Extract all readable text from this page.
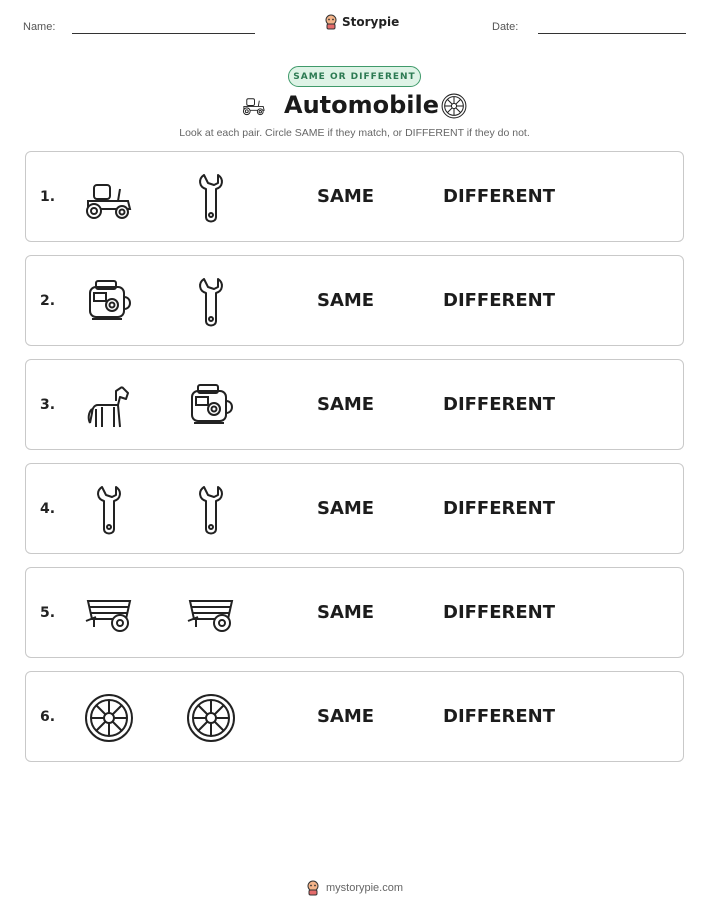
Name:	Storypie	Date:
SAME OR DIFFERENT
Automobile
Look at each pair. Circle SAME if they match, or DIFFERENT if they do not.
1.	SAME	DIFFERENT
2.	SAME	DIFFERENT
3.	SAME	DIFFERENT
4.	SAME	DIFFERENT
5.	SAME	DIFFERENT
6.	SAME	DIFFERENT
mystorypie.com
